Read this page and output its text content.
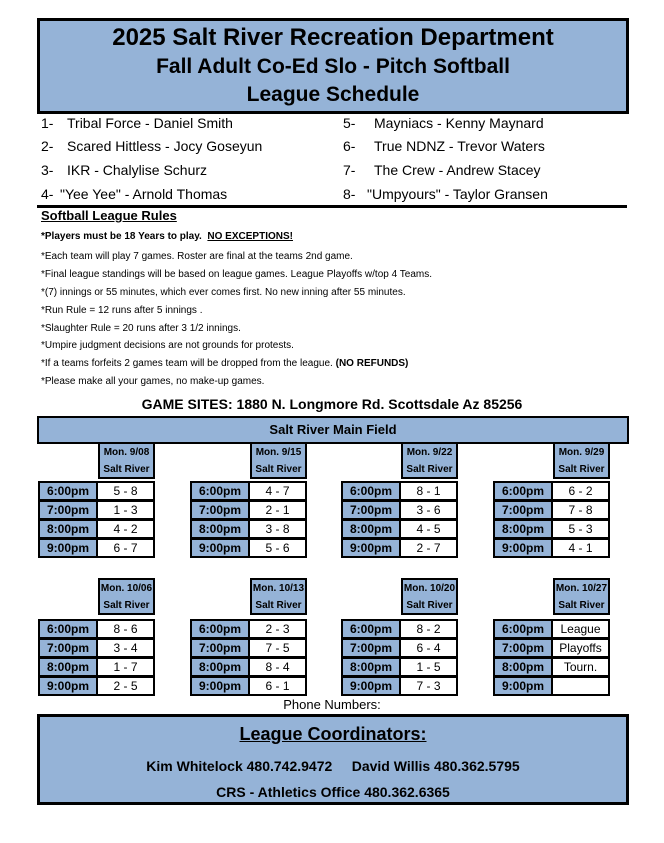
2025 Salt River Recreation Department
Fall Adult Co-Ed Slo - Pitch Softball
League Schedule
1- Tribal Force - Daniel Smith
2- Scared Hittless - Jocy Goseyun
3- IKR - Chalylise Schurz
4- "Yee Yee" - Arnold Thomas
5- Mayniacs - Kenny Maynard
6- True NDNZ - Trevor Waters
7- The Crew - Andrew Stacey
8- "Umpyours" - Taylor Gransen
Softball League Rules
*Players must be 18 Years to play. NO EXCEPTIONS!
*Each team will play 7 games. Roster are final at the teams 2nd game.
*Final league standings will be based on league games. League Playoffs w/top 4 Teams.
*(7) innings or 55 minutes, which ever comes first. No new inning after 55 minutes.
*Run Rule = 12 runs after 5 innings .
*Slaughter Rule = 20 runs after 3 1/2 innings.
*Umpire judgment decisions are not grounds for protests.
*If a teams forfeits 2 games team will be dropped from the league. (NO REFUNDS)
*Please make all your games, no make-up games.
GAME SITES: 1880 N. Longmore Rd. Scottsdale Az 85256
Salt River Main Field
Mon. 9/08
Salt River
6:00pm	5 - 8
7:00pm	1 - 3
8:00pm	4 - 2
9:00pm	6 - 7
Mon. 9/15
Salt River
6:00pm	4 - 7
7:00pm	2 - 1
8:00pm	3 - 8
9:00pm	5 - 6
Mon. 9/22
Salt River
6:00pm	8 - 1
7:00pm	3 - 6
8:00pm	4 - 5
9:00pm	2 - 7
Mon. 9/29
Salt River
6:00pm	6 - 2
7:00pm	7 - 8
8:00pm	5 - 3
9:00pm	4 - 1
Mon. 10/06
Salt River
6:00pm	8 - 6
7:00pm	3 - 4
8:00pm	1 - 7
9:00pm	2 - 5
Mon. 10/13
Salt River
6:00pm	2 - 3
7:00pm	7 - 5
8:00pm	8 - 4
9:00pm	6 - 1
Mon. 10/20
Salt River
6:00pm	8 - 2
7:00pm	6 - 4
8:00pm	1 - 5
9:00pm	7 - 3
Mon. 10/27
Salt River
6:00pm	League
7:00pm	Playoffs
8:00pm	Tourn.
9:00pm
Phone Numbers:
League Coordinators:
Kim Whitelock 480.742.9472     David Willis 480.362.5795
CRS - Athletics Office 480.362.6365
